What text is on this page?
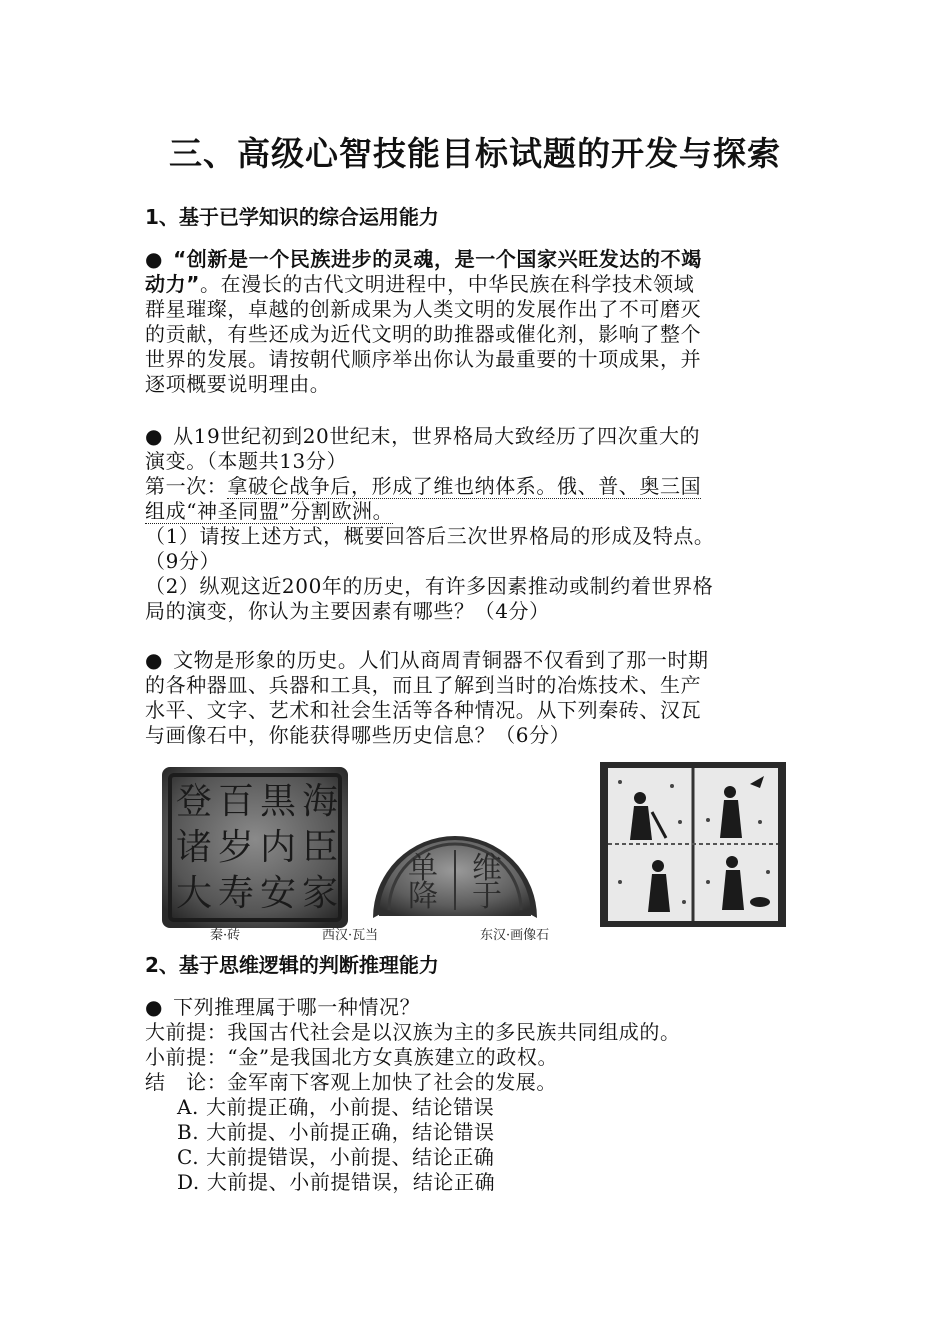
三、高级心智技能目标试题的开发与探索
1、基于已学知识的综合运用能力
● “创新是一个民族进步的灵魂，是一个国家兴旺发达的不竭
动力”。在漫长的古代文明进程中，中华民族在科学技术领域
群星璀璨，卓越的创新成果为人类文明的发展作出了不可磨灭
的贡献，有些还成为近代文明的助推器或催化剂，影响了整个
世界的发展。请按朝代顺序举出你认为最重要的十项成果，并
逐项概要说明理由。
● 从19世纪初到20世纪末，世界格局大致经历了四次重大的
演变。（本题共13分）
第一次：拿破仑战争后，形成了维也纳体系。俄、普、奥三国
组成“神圣同盟”分割欧洲。
（1）请按上述方式，概要回答后三次世界格局的形成及特点。
（9分）
（2）纵观这近200年的历史，有许多因素推动或制约着世界格
局的演变，你认为主要因素有哪些？（4分）
● 文物是形象的历史。人们从商周青铜器不仅看到了那一时期
的各种器皿、兵器和工具，而且了解到当时的冶炼技术、生产
水平、文字、艺术和社会生活等各种情况。从下列秦砖、汉瓦
与画像石中，你能获得哪些历史信息？（6分）
海
臣
家
黒
内
安
百
岁
寿
登
诸
大
维
单
于
降
秦·砖	西汉·瓦当	东汉·画像石
2、基于思维逻辑的判断推理能力
● 下列推理属于哪一种情况？
大前提：我国古代社会是以汉族为主的多民族共同组成的。
小前提：“金”是我国北方女真族建立的政权。
结　论：金军南下客观上加快了社会的发展。
A. 大前提正确，小前提、结论错误
B. 大前提、小前提正确，结论错误
C. 大前提错误，小前提、结论正确
D. 大前提、小前提错误，结论正确
